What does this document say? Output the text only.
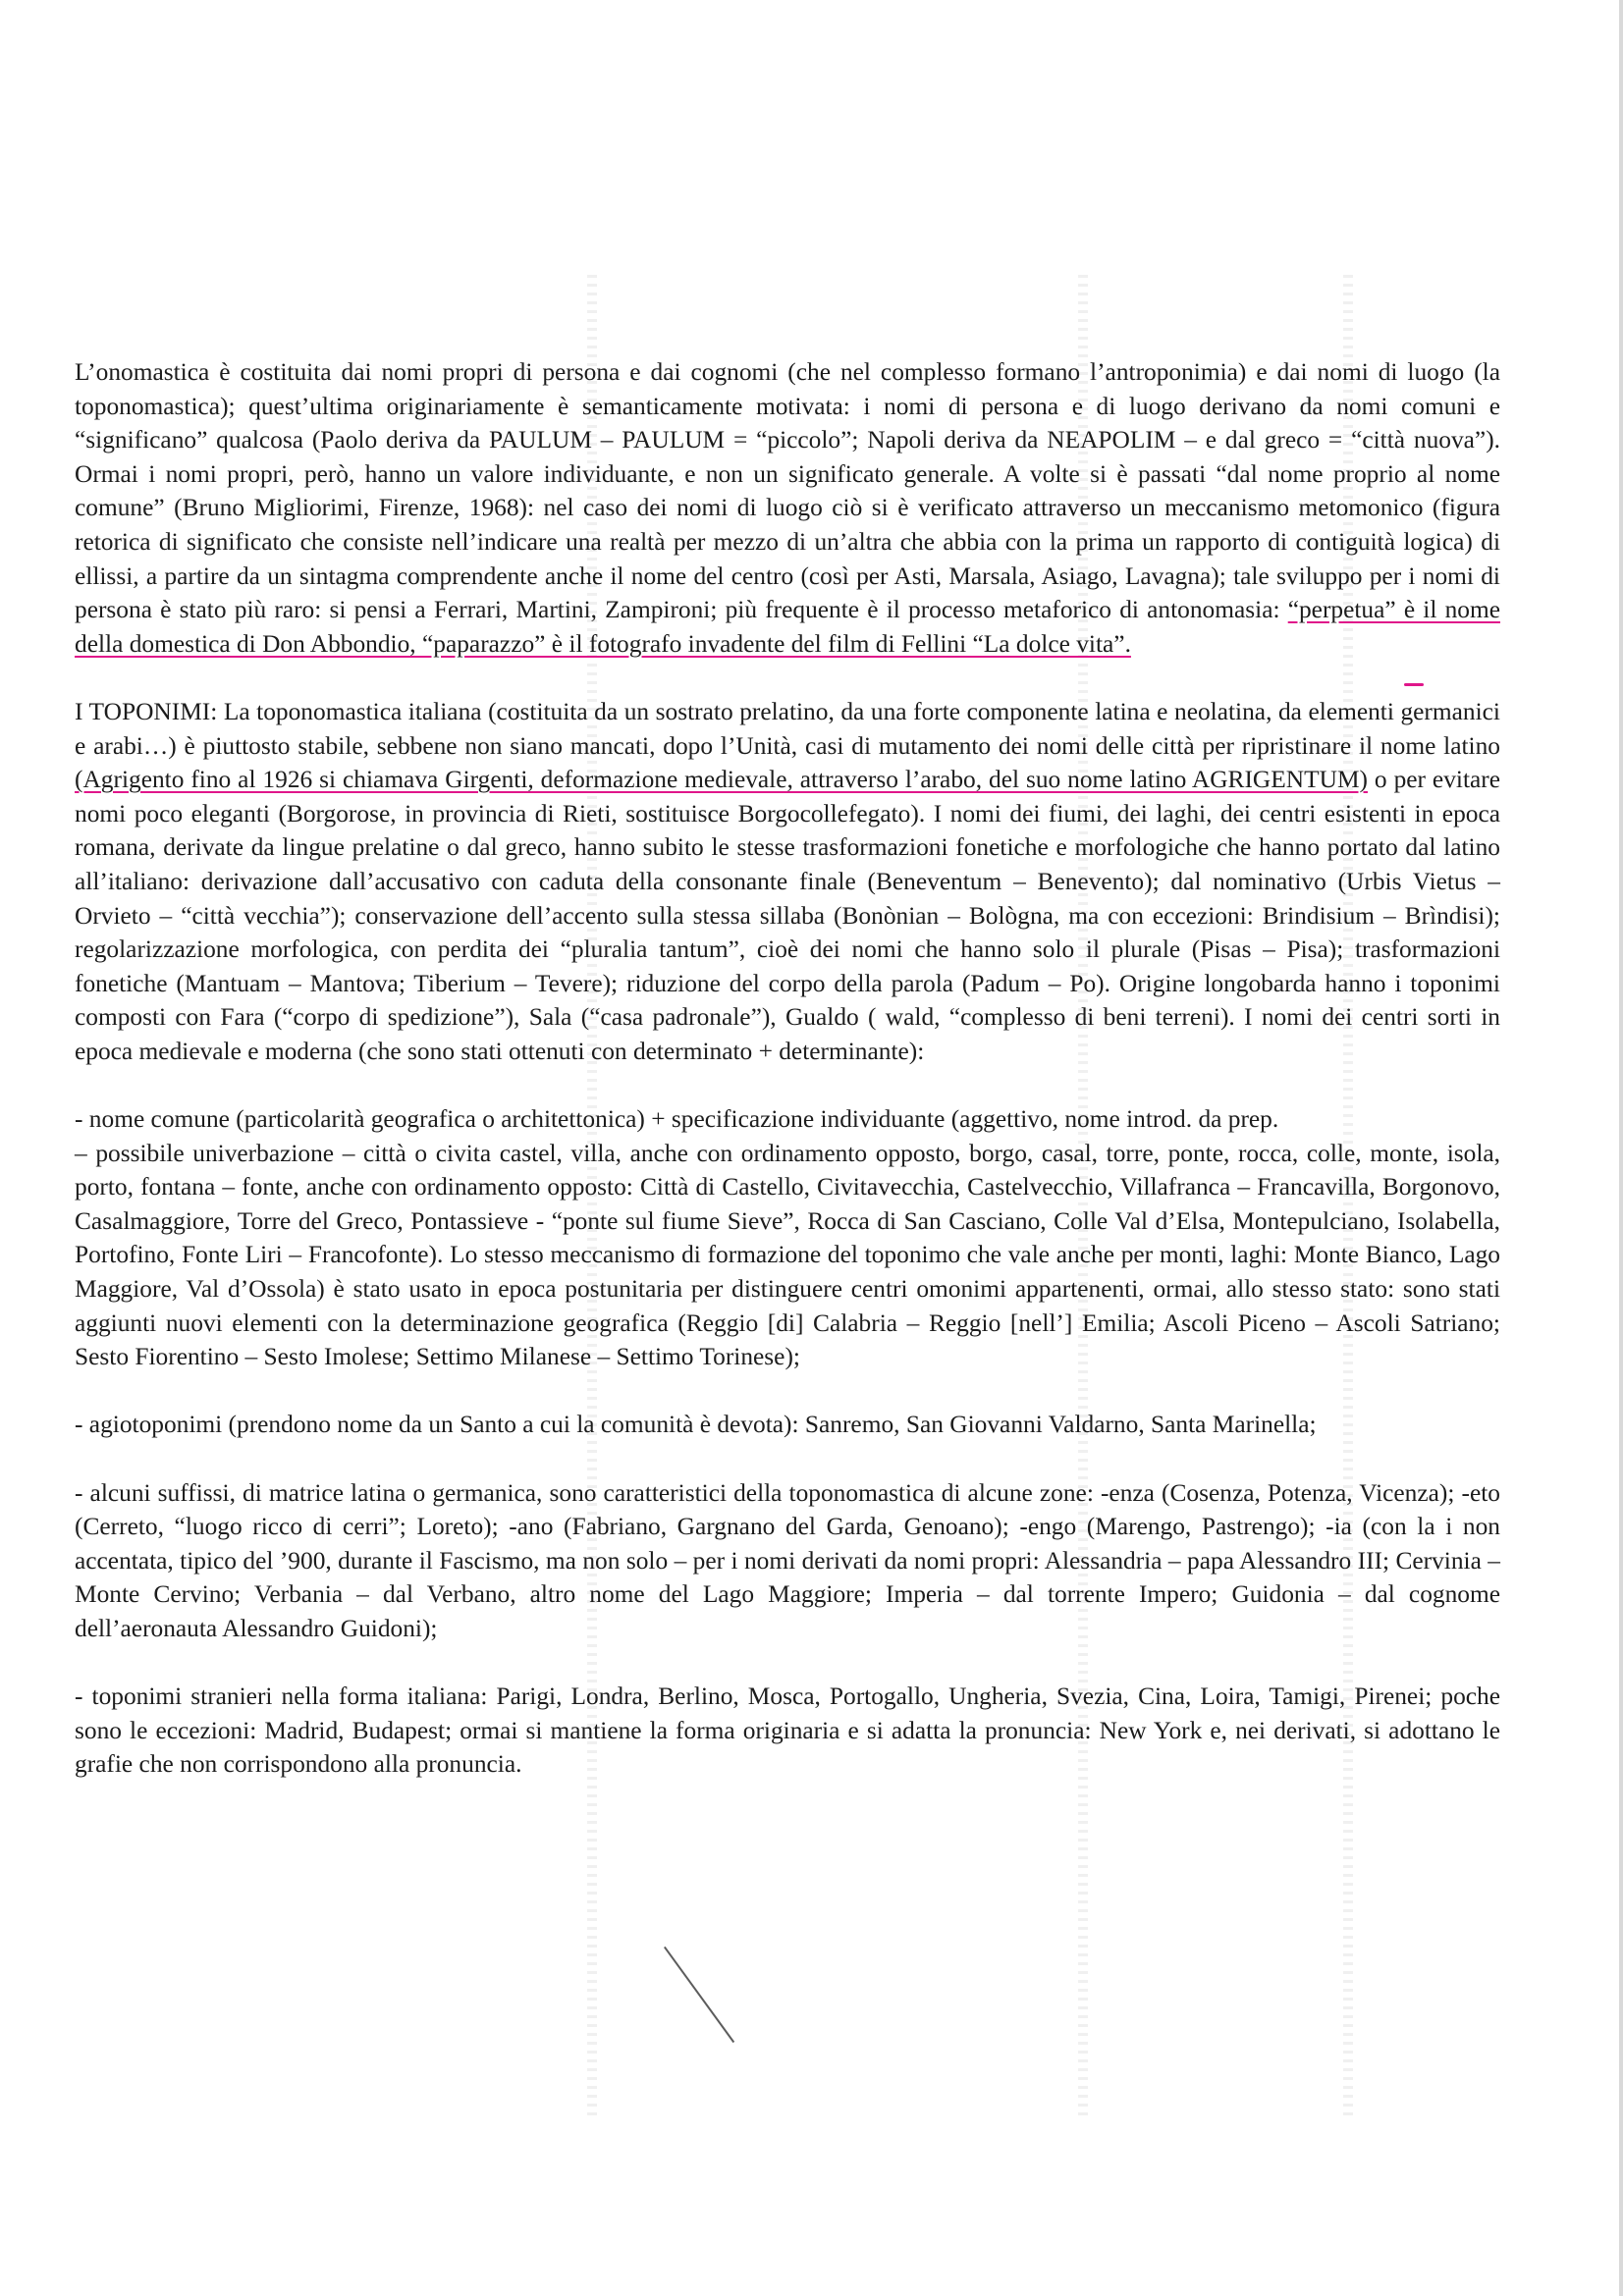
L’onomastica è costituita dai nomi propri di persona e dai cognomi (che nel complesso formano l’antroponimia) e dai nomi di luogo (la toponomastica); quest’ultima originariamente è semanticamente motivata: i nomi di persona e di luogo derivano da nomi comuni e “significano” qualcosa (Paolo deriva da PAULUM – PAULUM = “piccolo”; Napoli deriva da NEAPOLIM – e dal greco = “città nuova”). Ormai i nomi propri, però, hanno un valore individuante, e non un significato generale. A volte si è passati “dal nome proprio al nome comune” (Bruno Migliorimi, Firenze, 1968): nel caso dei nomi di luogo ciò si è verificato attraverso un meccanismo metomonico (figura retorica di significato che consiste nell’indicare una realtà per mezzo di un’altra che abbia con la prima un rapporto di contiguità logica) di ellissi, a partire da un sintagma comprendente anche il nome del centro (così per Asti, Marsala, Asiago, Lavagna); tale sviluppo per i nomi di persona è stato più raro: si pensi a Ferrari, Martini, Zampironi; più frequente è il processo metaforico di antonomasia: “perpetua” è il nome della domestica di Don Abbondio, “paparazzo” è il fotografo invadente del film di Fellini “La dolce vita”.

I TOPONIMI: La toponomastica italiana (costituita da un sostrato prelatino, da una forte componente latina e neolatina, da elementi germanici e arabi…) è piuttosto stabile, sebbene non siano mancati, dopo l’Unità, casi di mutamento dei nomi delle città per ripristinare il nome latino (Agrigento fino al 1926 si chiamava Girgenti, deformazione medievale, attraverso l’arabo, del suo nome latino AGRIGENTUM) o per evitare nomi poco eleganti (Borgorose, in provincia di Rieti, sostituisce Borgocollefegato). I nomi dei fiumi, dei laghi, dei centri esistenti in epoca romana, derivate da lingue prelatine o dal greco, hanno subito le stesse trasformazioni fonetiche e morfologiche che hanno portato dal latino all’italiano: derivazione dall’accusativo con caduta della consonante finale (Beneventum – Benevento); dal nominativo (Urbis Vietus – Orvieto – “città vecchia”); conservazione dell’accento sulla stessa sillaba (Bonònian – Bològna, ma con eccezioni: Brindisium – Brìndisi); regolarizzazione morfologica, con perdita dei “pluralia tantum”, cioè dei nomi che hanno solo il plurale (Pisas – Pisa); trasformazioni fonetiche (Mantuam – Mantova; Tiberium – Tevere); riduzione del corpo della parola (Padum – Po). Origine longobarda hanno i toponimi composti con Fara (“corpo di spedizione”), Sala (“casa padronale”), Gualdo ( wald, “complesso di beni terreni). I nomi dei centri sorti in epoca medievale e moderna (che sono stati ottenuti con determinato + determinante):

- nome comune (particolarità geografica o architettonica) + specificazione individuante (aggettivo, nome introd. da prep.

– possibile univerbazione – città o civita castel, villa, anche con ordinamento opposto, borgo, casal, torre, ponte, rocca, colle, monte, isola, porto, fontana – fonte, anche con ordinamento opposto: Città di Castello, Civitavecchia, Castelvecchio, Villafranca – Francavilla, Borgonovo, Casalmaggiore, Torre del Greco, Pontassieve - “ponte sul fiume Sieve”, Rocca di San Casciano, Colle Val d’Elsa, Montepulciano, Isolabella, Portofino, Fonte Liri – Francofonte). Lo stesso meccanismo di formazione del toponimo che vale anche per monti, laghi: Monte Bianco, Lago Maggiore, Val d’Ossola) è stato usato in epoca postunitaria per distinguere centri omonimi appartenenti, ormai, allo stesso stato: sono stati aggiunti nuovi elementi con la determinazione geografica (Reggio [di] Calabria – Reggio [nell’] Emilia; Ascoli Piceno – Ascoli Satriano; Sesto Fiorentino – Sesto Imolese; Settimo Milanese – Settimo Torinese);

- agiotoponimi (prendono nome da un Santo a cui la comunità è devota): Sanremo, San Giovanni Valdarno, Santa Marinella;

- alcuni suffissi, di matrice latina o germanica, sono caratteristici della toponomastica di alcune zone: -enza (Cosenza, Potenza, Vicenza); -eto (Cerreto, “luogo ricco di cerri”; Loreto); -ano (Fabriano, Gargnano del Garda, Genoano); -engo (Marengo, Pastrengo); -ia (con la i non accentata, tipico del ’900, durante il Fascismo, ma non solo – per i nomi derivati da nomi propri: Alessandria – papa Alessandro III; Cervinia – Monte Cervino; Verbania – dal Verbano, altro nome del Lago Maggiore; Imperia – dal torrente Impero; Guidonia – dal cognome dell’aeronauta Alessandro Guidoni);

- toponimi stranieri nella forma italiana: Parigi, Londra, Berlino, Mosca, Portogallo, Ungheria, Svezia, Cina, Loira, Tamigi, Pirenei; poche sono le eccezioni: Madrid, Budapest; ormai si mantiene la forma originaria e si adatta la pronuncia: New York e, nei derivati, si adottano le grafie che non corrispondono alla pronuncia.
